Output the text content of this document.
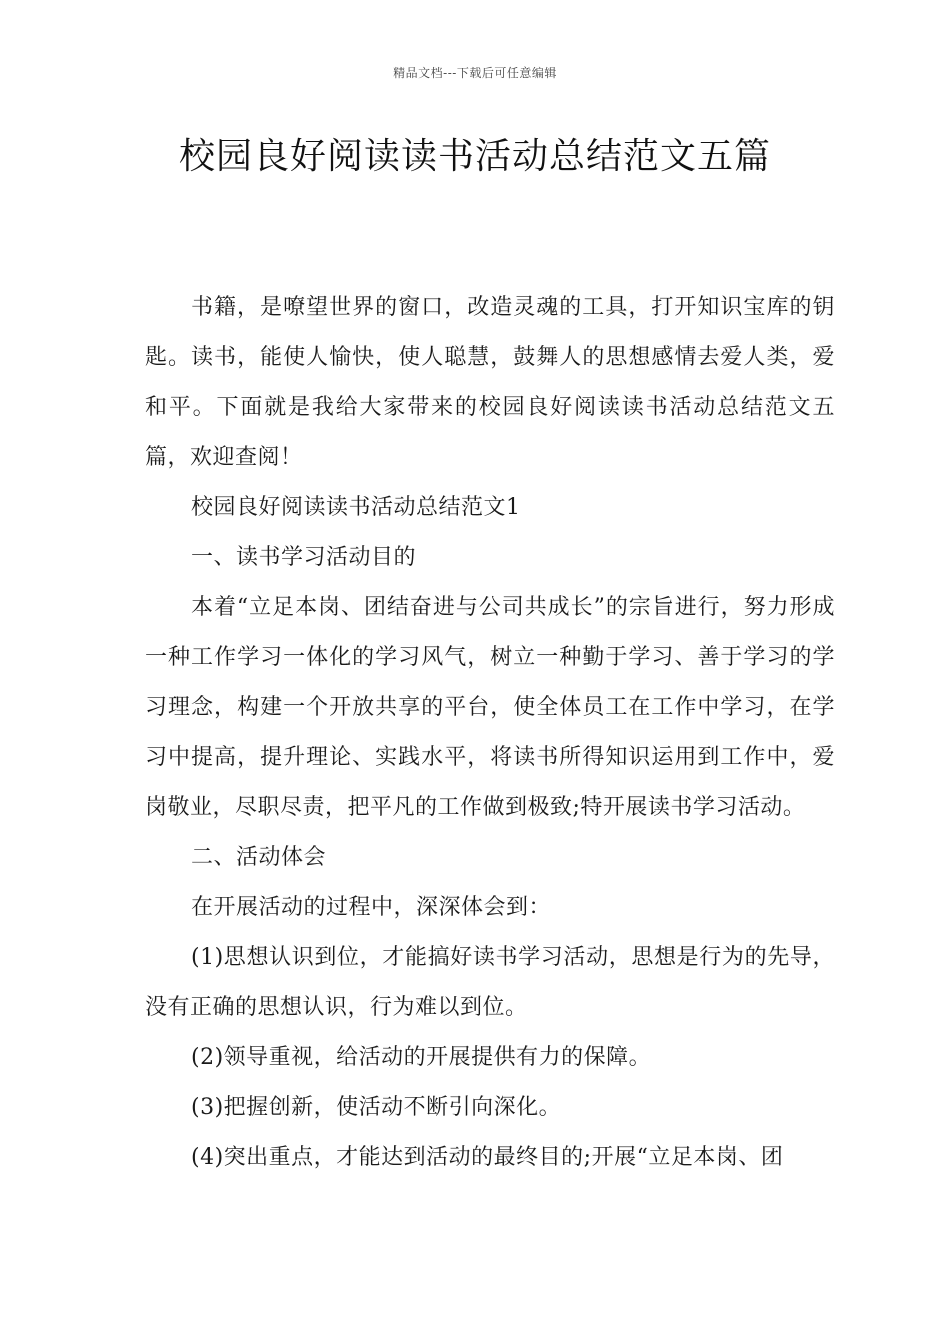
精品文档---下载后可任意编辑
校园良好阅读读书活动总结范文五篇

书籍，是嘹望世界的窗口，改造灵魂的工具，打开知识宝库的钥匙。读书，能使人愉快，使人聪慧，鼓舞人的思想感情去爱人类，爱和平。下面就是我给大家带来的校园良好阅读读书活动总结范文五篇，欢迎查阅！

校园良好阅读读书活动总结范文1

一、读书学习活动目的

本着“立足本岗、团结奋进与公司共成长”的宗旨进行，努力形成一种工作学习一体化的学习风气，树立一种勤于学习、善于学习的学习理念，构建一个开放共享的平台，使全体员工在工作中学习，在学习中提高，提升理论、实践水平，将读书所得知识运用到工作中，爱岗敬业，尽职尽责，把平凡的工作做到极致;特开展读书学习活动。

二、活动体会

在开展活动的过程中，深深体会到：

(1)思想认识到位，才能搞好读书学习活动，思想是行为的先导，没有正确的思想认识，行为难以到位。

(2)领导重视，给活动的开展提供有力的保障。

(3)把握创新，使活动不断引向深化。

(4)突出重点，才能达到活动的最终目的;开展“立足本岗、团
